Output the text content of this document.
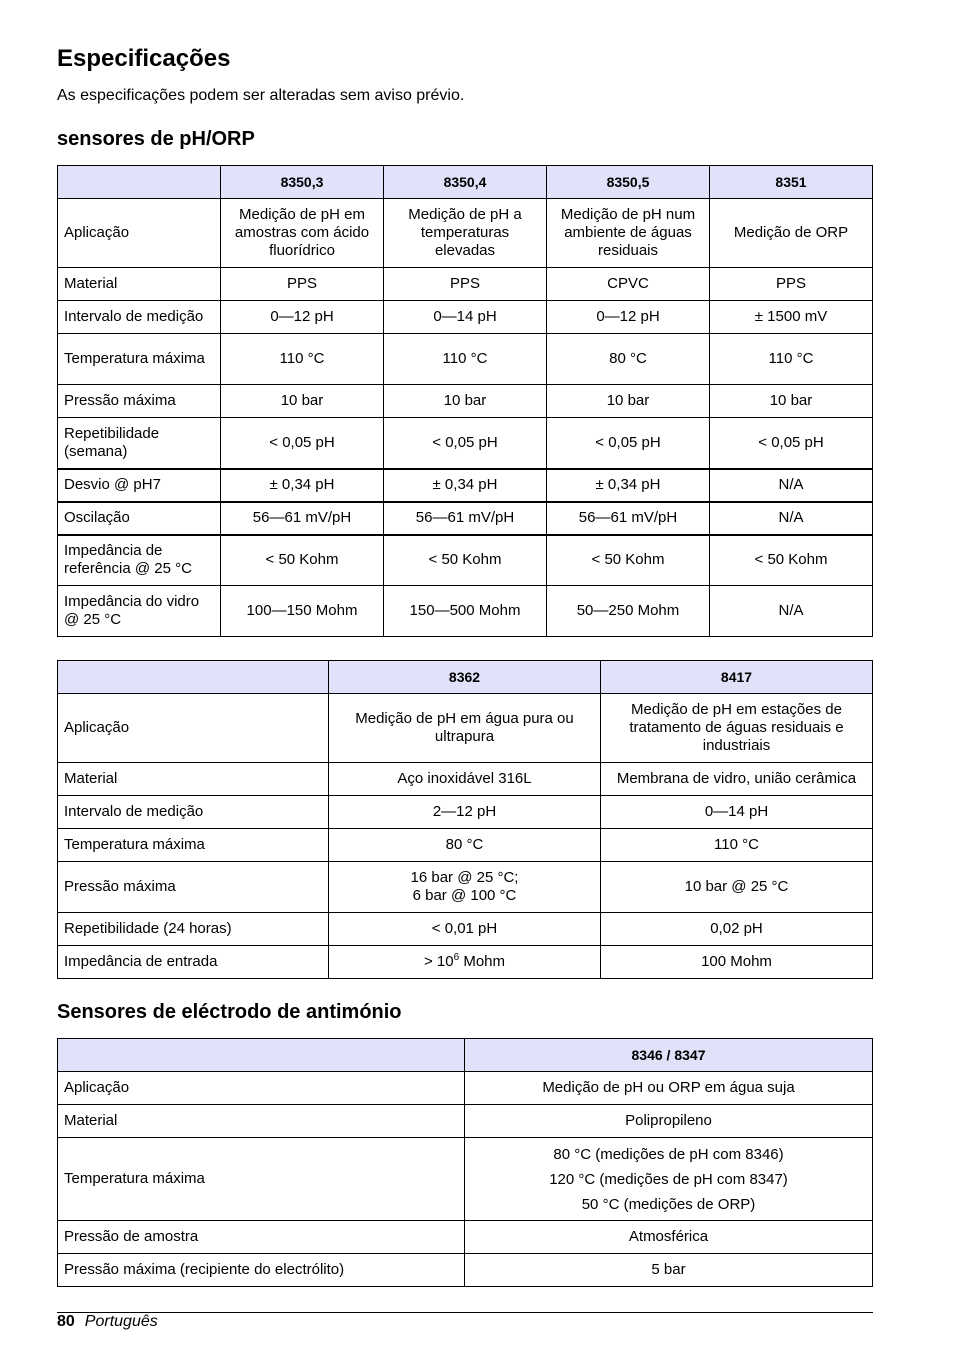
Especificações

As especificações podem ser alteradas sem aviso prévio.

sensores de pH/ORP
	8350,3	8350,4	8350,5	8351
Aplicação	Medição de pH em amostras com ácido fluorídrico	Medição de pH a temperaturas elevadas	Medição de pH num ambiente de águas residuais	Medição de ORP
Material	PPS	PPS	CPVC	PPS
Intervalo de medição	0—12 pH	0—14 pH	0—12 pH	± 1500 mV
Temperatura máxima	110 °C	110 °C	80 °C	110 °C
Pressão máxima	10 bar	10 bar	10 bar	10 bar
Repetibilidade (semana)	< 0,05 pH	< 0,05 pH	< 0,05 pH	< 0,05 pH
Desvio @ pH7	± 0,34 pH	± 0,34 pH	± 0,34 pH	N/A
Oscilação	56—61 mV/pH	56—61 mV/pH	56—61 mV/pH	N/A
Impedância de referência @ 25 °C	< 50 Kohm	< 50 Kohm	< 50 Kohm	< 50 Kohm
Impedância do vidro @ 25 °C	100—150 Mohm	150—500 Mohm	50—250 Mohm	N/A
	8362	8417
Aplicação	Medição de pH em água pura ou ultrapura	Medição de pH em estações de tratamento de águas residuais e industriais
Material	Aço inoxidável 316L	Membrana de vidro, união cerâmica
Intervalo de medição	2—12 pH	0—14 pH
Temperatura máxima	80 °C	110 °C
Pressão máxima	16 bar @ 25 °C;
6 bar @ 100 °C	10 bar @ 25 °C
Repetibilidade (24 horas)	< 0,01 pH	0,02 pH
Impedância de entrada	> $10^6$ Mohm	100 Mohm
Sensores de eléctrodo de antimónio
	8346 / 8347
Aplicação	Medição de pH ou ORP em água suja
Material	Polipropileno
Temperatura máxima	80 °C (medições de pH com 8346)
120 °C (medições de pH com 8347)
50 °C (medições de ORP)

Pressão de amostra	Atmosférica
Pressão máxima (recipiente do electrólito)	5 bar
80 Português
